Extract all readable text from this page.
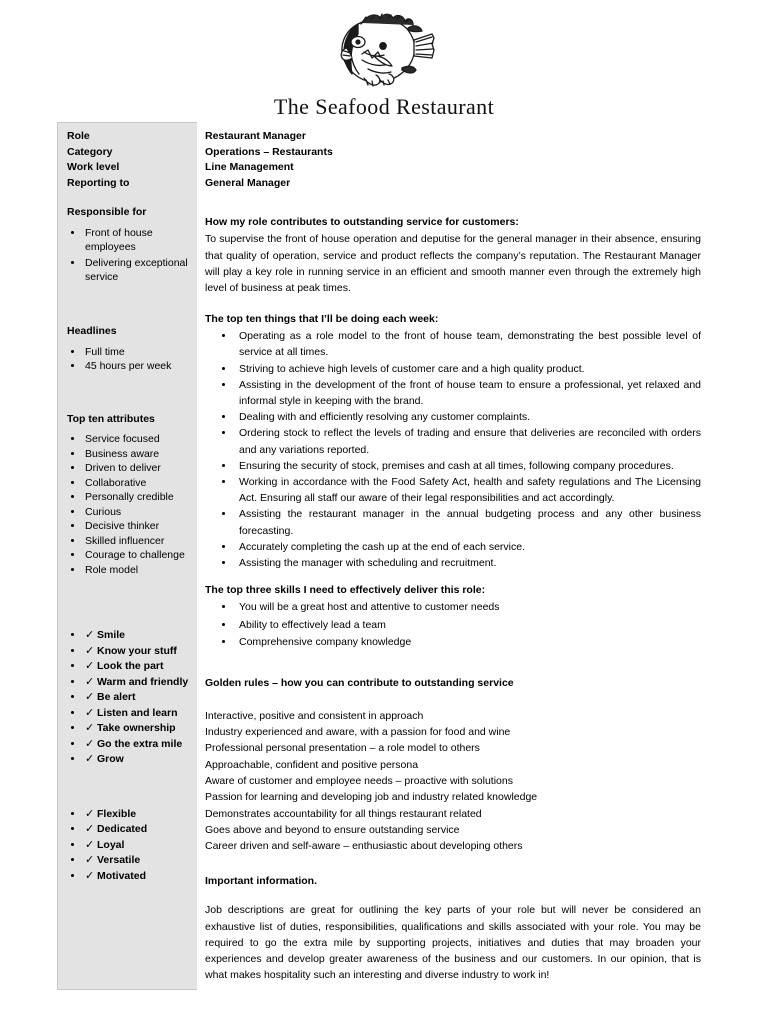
The Seafood Restaurant
Role
Category
Work level
Reporting to
Responsible for
• Front of house employees
• Delivering exceptional service
Headlines
• Full time
• 45 hours per week
Top ten attributes
• Service focused
• Business aware
• Driven to deliver
• Collaborative
• Personally credible
• Curious
• Decisive thinker
• Skilled influencer
• Courage to challenge
• Role model
• ✓ Smile
• ✓ Know your stuff
• ✓ Look the part
• ✓ Warm and friendly
• ✓ Be alert
• ✓ Listen and learn
• ✓ Take ownership
• ✓ Go the extra mile
• ✓ Grow
• ✓ Flexible
• ✓ Dedicated
• ✓ Loyal
• ✓ Versatile
• ✓ Motivated
Restaurant Manager
Operations – Restaurants
Line Management
General Manager
How my role contributes to outstanding service for customers:

To supervise the front of house operation and deputise for the general manager in their absence, ensuring that quality of operation, service and product reflects the company’s reputation. The Restaurant Manager will play a key role in running service in an efficient and smooth manner even through the extremely high level of business at peak times.

The top ten things that I’ll be doing each week:
• Operating as a role model to the front of house team, demonstrating the best possible level of service at all times.
• Striving to achieve high levels of customer care and a high quality product.
• Assisting in the development of the front of house team to ensure a professional, yet relaxed and informal style in keeping with the brand.
• Dealing with and efficiently resolving any customer complaints.
• Ordering stock to reflect the levels of trading and ensure that deliveries are reconciled with orders and any variations reported.
• Ensuring the security of stock, premises and cash at all times, following company procedures.
• Working in accordance with the Food Safety Act, health and safety regulations and The Licensing Act. Ensuring all staff our aware of their legal responsibilities and act accordingly.
• Assisting the restaurant manager in the annual budgeting process and any other business forecasting.
• Accurately completing the cash up at the end of each service.
• Assisting the manager with scheduling and recruitment.
The top three skills I need to effectively deliver this role:
• You will be a great host and attentive to customer needs
• Ability to effectively lead a team
• Comprehensive company knowledge
Golden rules – how you can contribute to outstanding service
Interactive, positive and consistent in approach
Industry experienced and aware, with a passion for food and wine
Professional personal presentation – a role model to others
Approachable, confident and positive persona
Aware of customer and employee needs – proactive with solutions
Passion for learning and developing job and industry related knowledge
Demonstrates accountability for all things restaurant related
Goes above and beyond to ensure outstanding service
Career driven and self-aware – enthusiastic about developing others
Important information.

Job descriptions are great for outlining the key parts of your role but will never be considered an exhaustive list of duties, responsibilities, qualifications and skills associated with your role. You may be required to go the extra mile by supporting projects, initiatives and duties that may broaden your experiences and develop greater awareness of the business and our customers. In our opinion, that is what makes hospitality such an interesting and diverse industry to work in!
